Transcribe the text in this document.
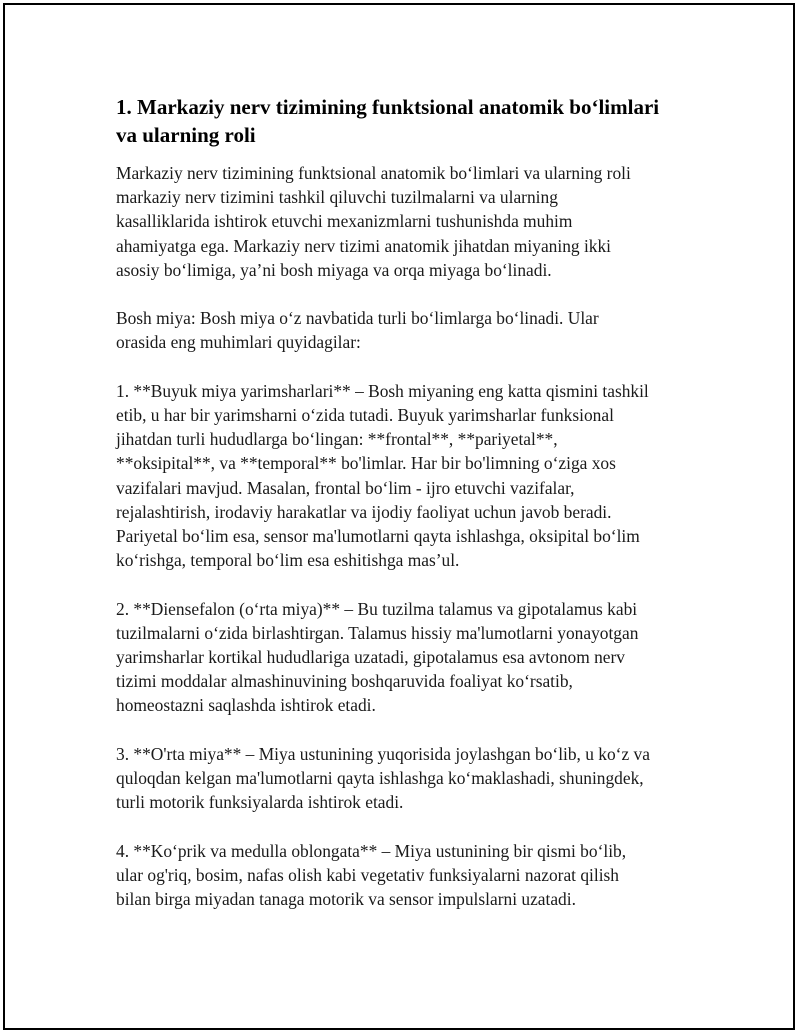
1. Markaziy nerv tizimining funktsional anatomik bo‘limlari
va ularning roli

Markaziy nerv tizimining funktsional anatomik bo‘limlari va ularning roli
markaziy nerv tizimini tashkil qiluvchi tuzilmalarni va ularning
kasalliklarida ishtirok etuvchi mexanizmlarni tushunishda muhim
ahamiyatga ega. Markaziy nerv tizimi anatomik jihatdan miyaning ikki
asosiy bo‘limiga, ya’ni bosh miyaga va orqa miyaga bo‘linadi.

Bosh miya: Bosh miya o‘z navbatida turli bo‘limlarga bo‘linadi. Ular
orasida eng muhimlari quyidagilar:

1. **Buyuk miya yarimsharlari** – Bosh miyaning eng katta qismini tashkil
etib, u har bir yarimsharni o‘zida tutadi. Buyuk yarimsharlar funksional
jihatdan turli hududlarga bo‘lingan: **frontal**, **pariyetal**,
**oksipital**, va **temporal** bo'limlar. Har bir bo'limning o‘ziga xos
vazifalari mavjud. Masalan, frontal bo‘lim - ijro etuvchi vazifalar,
rejalashtirish, irodaviy harakatlar va ijodiy faoliyat uchun javob beradi.
Pariyetal bo‘lim esa, sensor ma'lumotlarni qayta ishlashga, oksipital bo‘lim
ko‘rishga, temporal bo‘lim esa eshitishga mas’ul.

2. **Diensefalon (o‘rta miya)** – Bu tuzilma talamus va gipotalamus kabi
tuzilmalarni o‘zida birlashtirgan. Talamus hissiy ma'lumotlarni yonayotgan
yarimsharlar kortikal hududlariga uzatadi, gipotalamus esa avtonom nerv
tizimi moddalar almashinuvining boshqaruvida foaliyat ko‘rsatib,
homeostazni saqlashda ishtirok etadi.

3. **O'rta miya** – Miya ustunining yuqorisida joylashgan bo‘lib, u ko‘z va
quloqdan kelgan ma'lumotlarni qayta ishlashga ko‘maklashadi, shuningdek,
turli motorik funksiyalarda ishtirok etadi.

4. **Ko‘prik va medulla oblongata** – Miya ustunining bir qismi bo‘lib,
ular og'riq, bosim, nafas olish kabi vegetativ funksiyalarni nazorat qilish
bilan birga miyadan tanaga motorik va sensor impulslarni uzatadi.
